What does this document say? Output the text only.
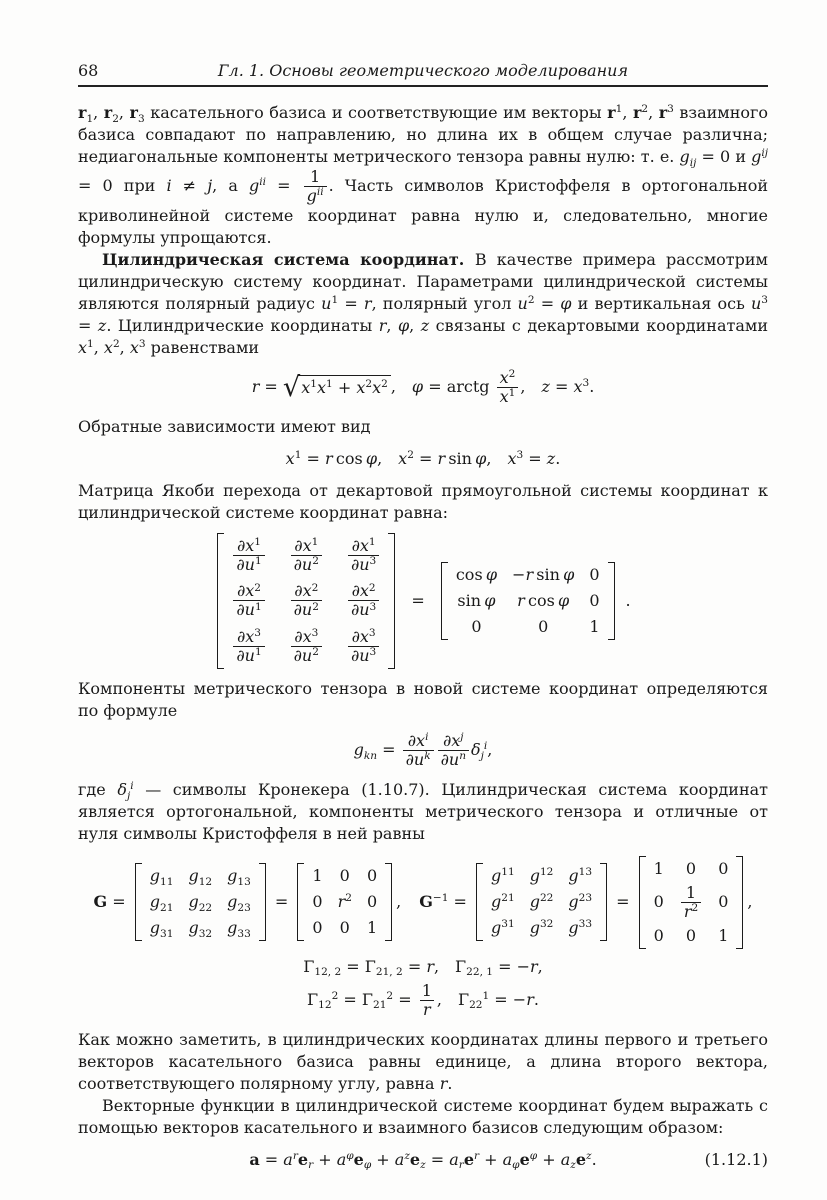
68	Гл. 1. Основы геометрического моделирования

$r_1$, $r_2$, $r_3$ касательного базиса и соответствующие им векторы $r^1$, $r^2$, $r^3$ взаимного базиса совпадают по направлению, но длина их в общем случае различна; недиагональные компоненты метрического тензора равны нулю: т. е. $g_{ij} = 0$ и $g^{ij} = 0$ при i ≠ j, а $g^{ii} = \frac{1}{g^{ii}}$ . Часть символов Кристоффеля в ортогональной криволинейной системе координат равна нулю и, следовательно, многие формулы упрощаются.

Цилиндрическая система координат. В качестве примера рассмотрим цилиндрическую систему координат. Параметрами цилиндрической системы являются полярный радиус $u^1 = r$, полярный угол $u^2 = \varphi$ и вертикальная ось $u^3 = z$. Цилиндрические координаты r, φ, z связаны с декартовыми координатами $x^1$, $x^2$, $x^3$ равенствами

r = √ $x^1x^1 + x^2x^2$ , φ = arctg $\frac{x^2}{x^1}$ , $z = x^3$.

Обратные зависимости имеют вид

$x^1 = r$ cos φ, $x^2 = r$ sin φ, $x^3 = z$.

Матрица Якоби перехода от декартовой прямоугольной системы координат к цилиндрической системе координат равна:

$\frac{\partial x^1}{\partial u^1} \frac{\partial x^1}{\partial u^2} \frac{\partial x^1}{\partial u^3}$
$\frac{\partial x^2}{\partial u^1} \frac{\partial x^2}{\partial u^2} \frac{\partial x^2}{\partial u^3}$
$\frac{\partial x^3}{\partial u^1} \frac{\partial x^3}{\partial u^2} \frac{\partial x^3}{\partial u^3}$
=
cos φ −r sin φ 0
sin φ r cos φ 0
0	0	1
.

Компоненты метрического тензора в новой системе координат определяются по формуле

$g_{kn} = \frac{\partial x^i}{\partial u^k} \frac{\partial x^j}{\partial u^n} \delta_j^i$,

где $\delta_j^i$ — символы Кронекера (1.10.7). Цилиндрическая система координат является ортогональной, компоненты метрического тензора и отличные от нуля символы Кристоффеля в ней равны

G =
$g_{11}$ $g_{12}$ $g_{13}$
$g_{21}$ $g_{22}$ $g_{23}$
$g_{31}$ $g_{32}$ $g_{33}$
=
1 0 0
0 $r^2$ 0
0 0 1
,  $G^{-1}$ =
$g^{11}$ $g^{12}$ $g^{13}$
$g^{21}$ $g^{22}$ $g^{23}$
$g^{31}$ $g^{32}$ $g^{33}$
=
1 0 0
$0 \frac{1}{r^2} 0$
0 0 1
,
$\Gamma_{12, 2} = \Gamma_{21, 2} = r$, $\Gamma_{22, 1} = -r$,
$\Gamma_{12}^2 = \Gamma_{21}^2 = \frac{1}{r}$ , $\Gamma_{22}^1 = -r$.

Как можно заметить, в цилиндрических координатах длины первого и третьего векторов касательного базиса равны единице, а длина второго вектора, соответствующего полярному углу, равна r.

Векторные функции в цилиндрической системе координат будем выражать с помощью векторов касательного и взаимного базисов следующим образом:

$a = a^re_r + a^\varphi e_\varphi + a^ze_z = a_re^r + a_\varphi e^\varphi + a_ze^z$.	(1.12.1)
